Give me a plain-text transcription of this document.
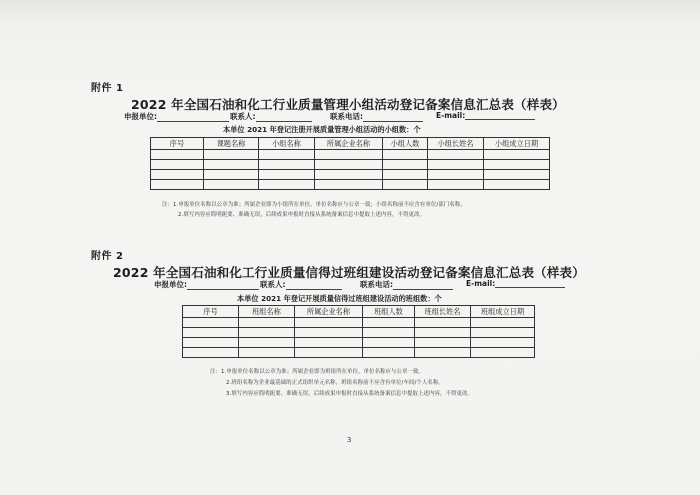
附件 1
2022 年全国石油和化工行业质量管理小组活动登记备案信息汇总表（样表）
申报单位:	联系人:	联系电话:	E-mail:
本单位 2021 年登记注册开展质量管理小组活动的小组数：个
序号	课题名称	小组名称	所属企业名称	小组人数	小组长姓名	小组成立日期

注：1.申报单位名称以公章为准；所属企业即为小组所在单位，单位名称应与公章一致；小组名称前不应含有单位/部门名称。
2.填写内容应简明扼要、准确无误，后续成果申报时直接从系统备案信息中提取上述内容，不得更改。
附件 2
2022 年全国石油和化工行业质量信得过班组建设活动登记备案信息汇总表（样表）
申报单位:	联系人:	联系电话:	E-mail:
本单位 2021 年登记开展质量信得过班组建设活动的班组数：个
序号	班组名称	所属企业名称	班组人数	班组长姓名	班组成立日期

注：1.申报单位名称以公章为准；所属企业即为班组所在单位，单位名称应与公章一致。
2.班组名称为企业最基础的正式组织单元名称，班组名称前不应含有单位/车间/个人名称。
3.填写内容应简明扼要、准确无误，后续成果申报时直接从系统备案信息中提取上述内容，不得更改。
3
